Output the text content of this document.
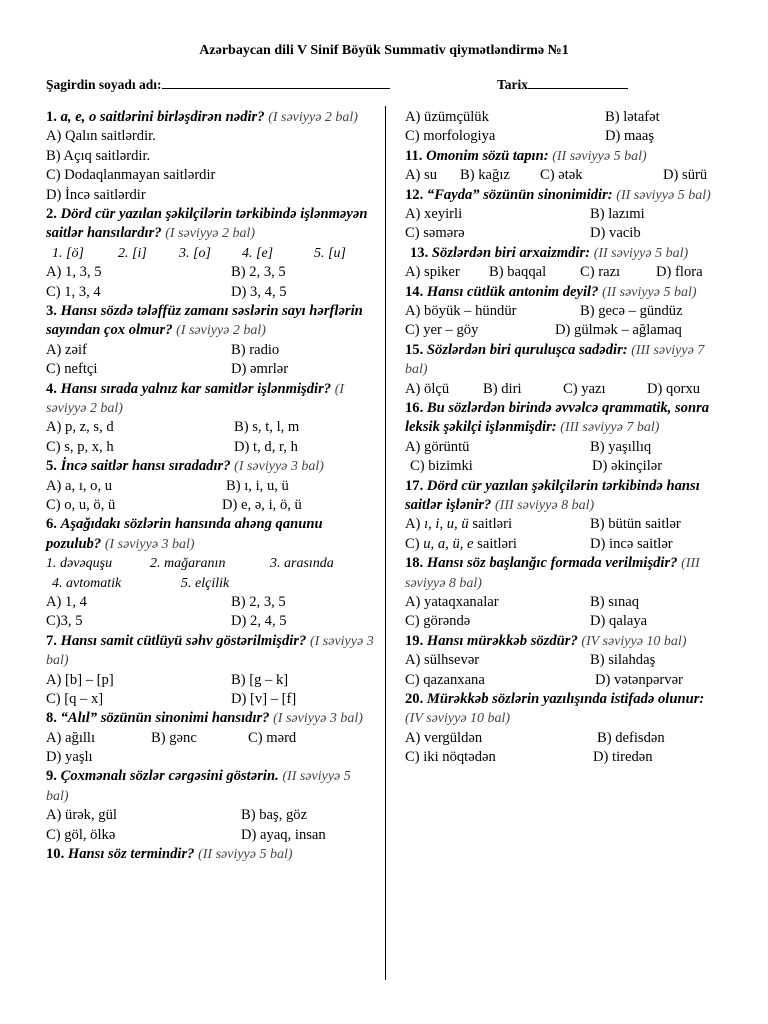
Azərbaycan dili V Sinif Böyük Summativ qiymətləndirmə №1
Şagirdin soyadı adı:	Tarix
1. a, e, o saitlərini birləşdirən nədir? (I səviyyə 2 bal)
A) Qalın saitlərdir.
B) Açıq saitlərdir.
C) Dodaqlanmayan saitlərdir
D) İncə saitlərdir
2. Dörd cür yazılan şəkilçilərin tərkibində işlənməyən saitlər hansılardır? (I səviyyə 2 bal)
1. [ö] 2. [i] 3. [o] 4. [e]	5. [u]
A) 1, 3, 5	B) 2, 3, 5
C) 1, 3, 4	D) 3, 4, 5
3. Hansı sözdə tələffüz zamanı səslərin sayı hərflərin sayından çox olmur? (I səviyyə 2 bal)
A) zəif	B) radio
C) neftçi	D) əmrlər
4. Hansı sırada yalnız kar samitlər işlənmişdir? (I səviyyə 2 bal)
A) p, z, s, d	B) s, t, l, m
C) s, p, x, h	D) t, d, r, h
5. İncə saitlər hansı sıradadır? (I səviyyə 3 bal)
A) a, ı, o, u	B) ı, i, u, ü
C) o, u, ö, ü	D) e, ə, i, ö, ü
6. Aşağıdakı sözlərin hansında ahəng qanunu pozulub? (I səviyyə 3 bal)
1. dəvəquşu	2. mağaranın	3. arasında
4. avtomatik	5. elçilik
A) 1, 4	B) 2, 3, 5
C)3, 5	D) 2, 4, 5
7. Hansı samit cütlüyü səhv göstərilmişdir? (I səviyyə 3 bal)
A) [b] – [p]	B) [g – k]
C) [q – x]	D) [v] – [f]
8. “Alıl” sözünün sinonimi hansıdır? (I səviyyə 3 bal)
A) ağıllı	B) gənc	C) mərd
D) yaşlı
9. Çoxmənalı sözlər cərgəsini göstərin. (II səviyyə 5 bal)
A) ürək, gül	B) baş, göz
C) göl, ölkə	D) ayaq, insan
10. Hansı söz termindir? (II səviyyə 5 bal)
A) üzümçülük	B) lətafət
C) morfologiya	D) maaş
11. Omonim sözü tapın: (II səviyyə 5 bal)
A) su B) kağız C) ətək	D) sürü
12. “Fayda” sözünün sinonimidir: (II səviyyə 5 bal)
A) xeyirli	B) lazımi
C) səmərə	D) vacib
13. Sözlərdən biri arxaizmdir: (II səviyyə 5 bal)
A) spiker B) baqqal C) razı D) flora
14. Hansı cütlük antonim deyil? (II səviyyə 5 bal)
A) böyük – hündür	B) gecə – gündüz
C) yer – göy	D) gülmək – ağlamaq
15. Sözlərdən biri quruluşca sadədir: (III səviyyə 7 bal)
A) ölçü B) diri	C) yazı	D) qorxu
16. Bu sözlərdən birində əvvəlcə qrammatik, sonra leksik şəkilçi işlənmişdir: (III səviyyə 7 bal)
A) görüntü	B) yaşıllıq
C) bizimki	D) əkinçilər
17. Dörd cür yazılan şəkilçilərin tərkibində hansı saitlər işlənir? (III səviyyə 8 bal)
A) ı, i, u, ü saitləri	B) bütün saitlər
C) u, a, ü, e saitləri	D) incə saitlər
18. Hansı söz başlanğıc formada verilmişdir? (III səviyyə 8 bal)
A) yataqxanalar	B) sınaq
C) görəndə	D) qalaya
19. Hansı mürəkkəb sözdür? (IV səviyyə 10 bal)
A) sülhsevər	B) silahdaş
C) qazanxana	D) vətənpərvər
20. Mürəkkəb sözlərin yazılışında istifadə olunur: (IV səviyyə 10 bal)
A) vergüldən	B) defisdən
C) iki nöqtədən	D) tiredən
